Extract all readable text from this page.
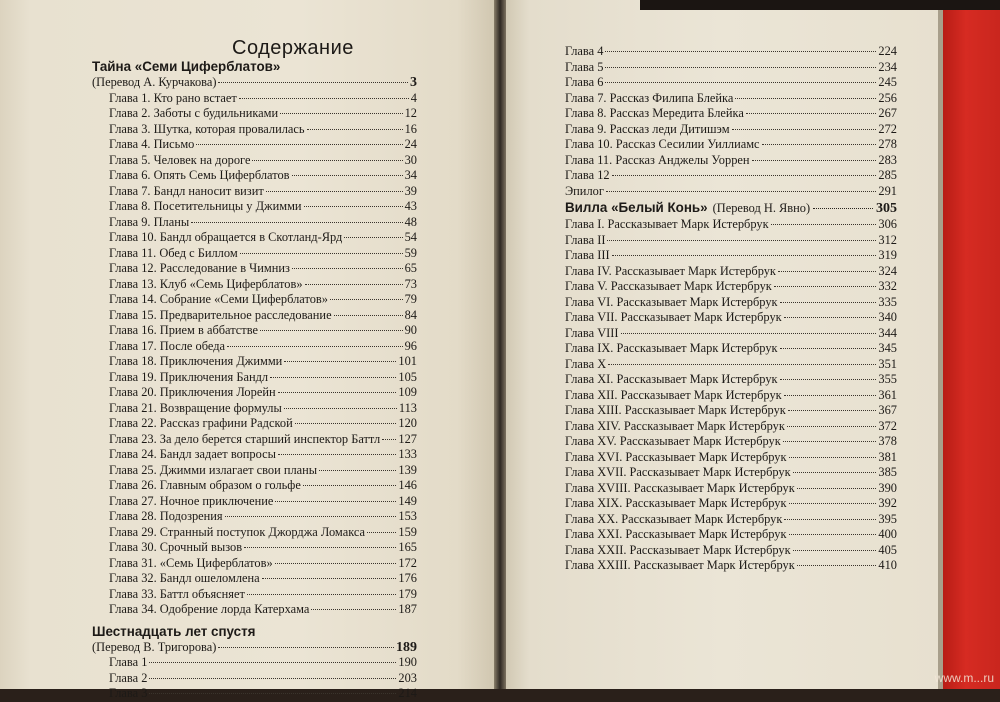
Содержание
Тайна «Семи Циферблатов»
(Перевод А. Курчакова)	3
Глава 1. Кто рано встает	4
Глава 2. Заботы с будильниками	12
Глава 3. Шутка, которая провалилась	16
Глава 4. Письмо	24
Глава 5. Человек на дороге	30
Глава 6. Опять Семь Циферблатов	34
Глава 7. Бандл наносит визит	39
Глава 8. Посетительницы у Джимми	43
Глава 9. Планы	48
Глава 10. Бандл обращается в Скотланд-Ярд	54
Глава 11. Обед с Биллом	59
Глава 12. Расследование в Чимниз	65
Глава 13. Клуб «Семь Циферблатов»	73
Глава 14. Собрание «Семи Циферблатов»	79
Глава 15. Предварительное расследование	84
Глава 16. Прием в аббатстве	90
Глава 17. После обеда	96
Глава 18. Приключения Джимми	101
Глава 19. Приключения Бандл	105
Глава 20. Приключения Лорейн	109
Глава 21. Возвращение формулы	113
Глава 22. Рассказ графини Радской	120
Глава 23. За дело берется старший инспектор Баттл 127
Глава 24. Бандл задает вопросы	133
Глава 25. Джимми излагает свои планы	139
Глава 26. Главным образом о гольфе	146
Глава 27. Ночное приключение	149
Глава 28. Подозрения	153
Глава 29. Странный поступок Джорджа Ломакса	159
Глава 30. Срочный вызов	165
Глава 31. «Семь Циферблатов»	172
Глава 32. Бандл ошеломлена	176
Глава 33. Баттл объясняет	179
Глава 34. Одобрение лорда Катерхама	187
Шестнадцать лет спустя
(Перевод В. Тригорова)	189
Глава 1	190
Глава 2	203
Глава 3	214
Глава 4	224
Глава 5	234
Глава 6	245
Глава 7. Рассказ Филипа Блейка	256
Глава 8. Рассказ Мередита Блейка	267
Глава 9. Рассказ леди Дитишэм	272
Глава 10. Рассказ Сесилии Уиллиамс	278
Глава 11. Рассказ Анджелы Уоррен	283
Глава 12	285
Эпилог	291
Вилла «Белый Конь» (Перевод Н. Явно)	305
Глава I. Рассказывает Марк Истербрук	306
Глава II	312
Глава III	319
Глава IV. Рассказывает Марк Истербрук	324
Глава V. Рассказывает Марк Истербрук	332
Глава VI. Рассказывает Марк Истербрук	335
Глава VII. Рассказывает Марк Истербрук	340
Глава VIII	344
Глава IX. Рассказывает Марк Истербрук	345
Глава X	351
Глава XI. Рассказывает Марк Истербрук	355
Глава XII. Рассказывает Марк Истербрук	361
Глава XIII. Рассказывает Марк Истербрук	367
Глава XIV. Рассказывает Марк Истербрук	372
Глава XV. Рассказывает Марк Истербрук	378
Глава XVI. Рассказывает Марк Истербрук	381
Глава XVII. Рассказывает Марк Истербрук	385
Глава XVIII. Рассказывает Марк Истербрук	390
Глава XIX. Рассказывает Марк Истербрук	392
Глава XX. Рассказывает Марк Истербрук	395
Глава XXI. Рассказывает Марк Истербрук	400
Глава XXII. Рассказывает Марк Истербрук	405
Глава XXIII. Рассказывает Марк Истербрук	410
www.m...ru
